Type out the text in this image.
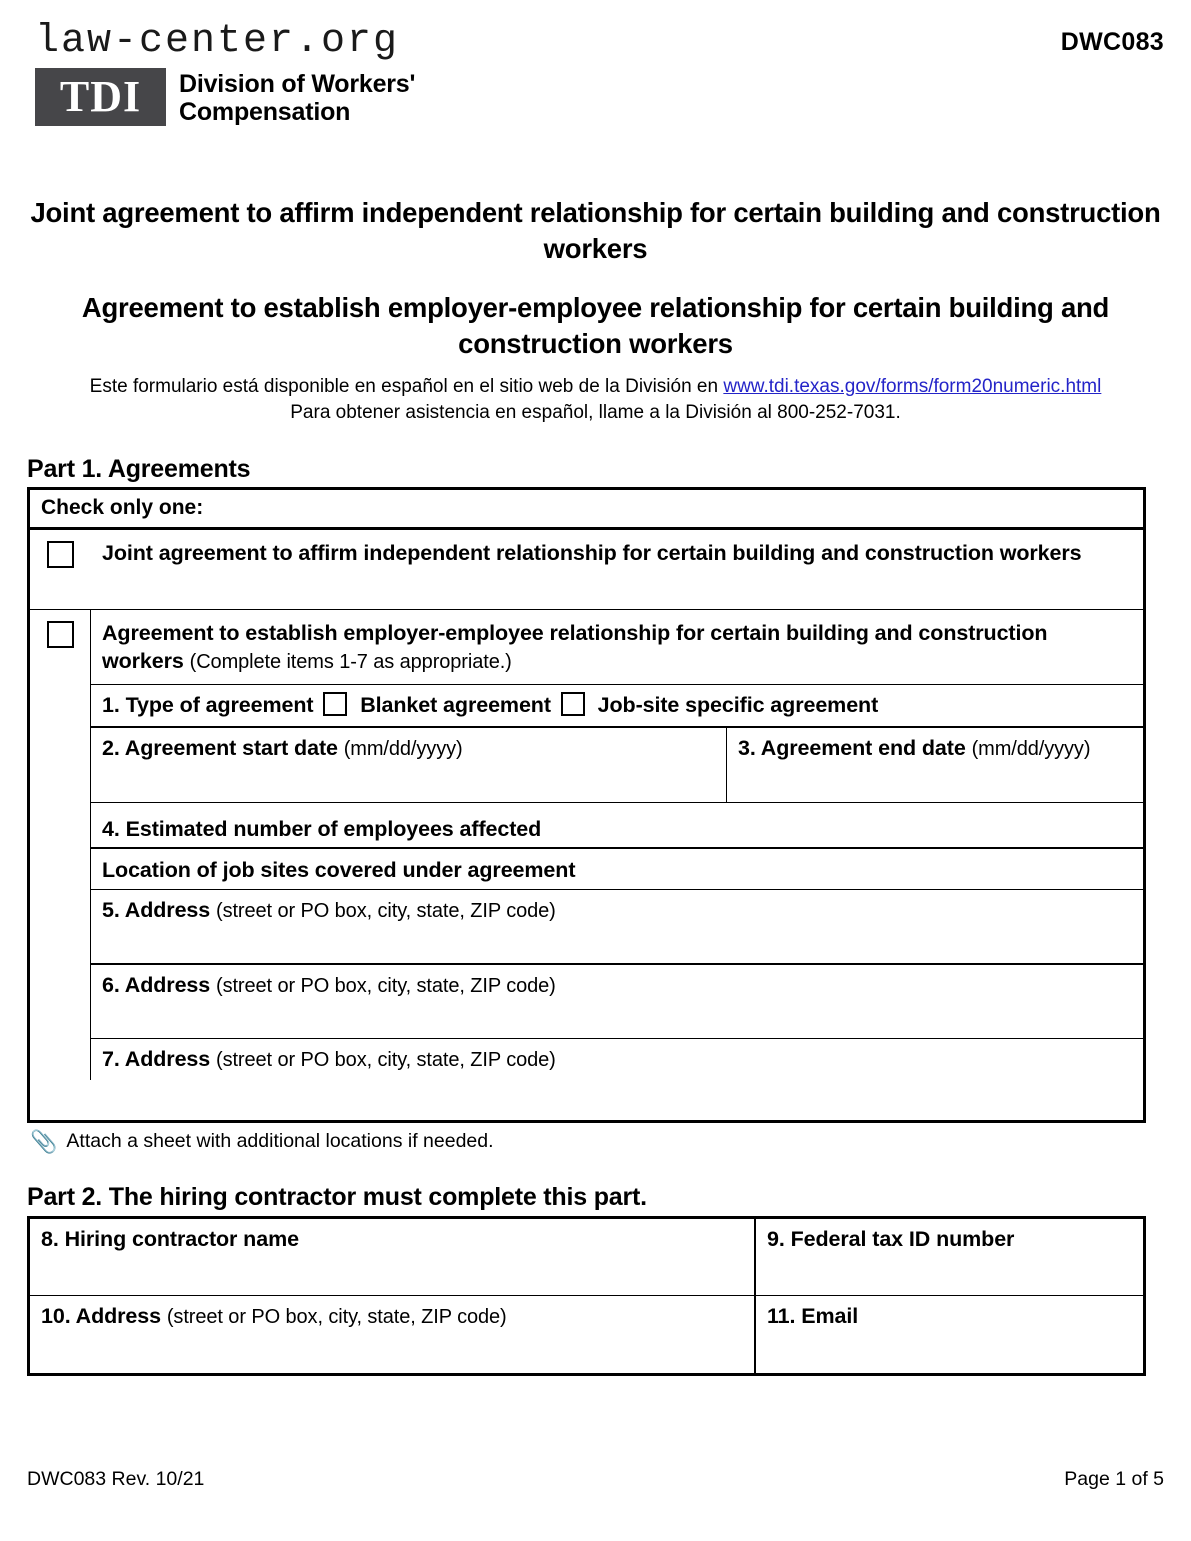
law-center.org
TDI Division of Workers'
Compensation
DWC083
Joint agreement to affirm independent relationship for certain building and construction workers
Agreement to establish employer-employee relationship for certain building and construction workers
Este formulario está disponible en español en el sitio web de la División en www.tdi.texas.gov/forms/form20numeric.html
Para obtener asistencia en español, llame a la División al 800-252-7031.
Part 1. Agreements
Check only one:
Joint agreement to affirm independent relationship for certain building and construction workers
Agreement to establish employer-employee relationship for certain building and construction workers (Complete items 1-7 as appropriate.)
1. Type of agreement Blanket agreement Job-site specific agreement
2. Agreement start date (mm/dd/yyyy)	3. Agreement end date (mm/dd/yyyy)
4. Estimated number of employees affected
Location of job sites covered under agreement
5. Address (street or PO box, city, state, ZIP code)
6. Address (street or PO box, city, state, ZIP code)
7. Address (street or PO box, city, state, ZIP code)
📎 Attach a sheet with additional locations if needed.
Part 2. The hiring contractor must complete this part.
8. Hiring contractor name	9. Federal tax ID number
10. Address (street or PO box, city, state, ZIP code)	11. Email
DWC083 Rev. 10/21	Page 1 of 5
